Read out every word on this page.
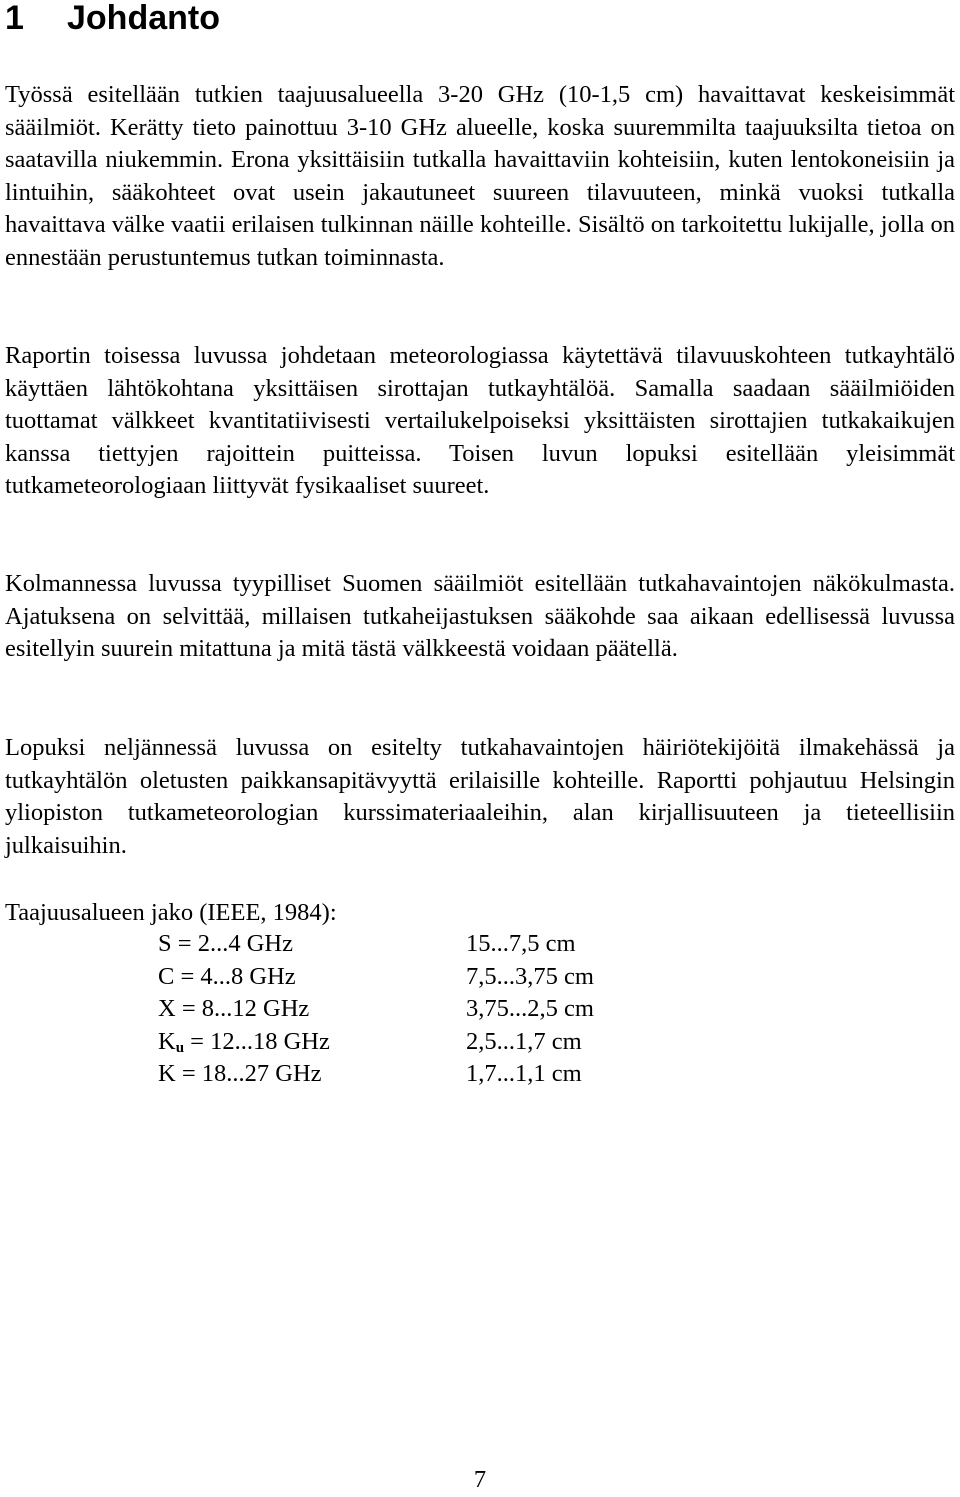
1 Johdanto

Työssä esitellään tutkien taajuusalueella 3-20 GHz (10-1,5 cm) havaittavat keskeisimmät sääilmiöt. Kerätty tieto painottuu 3-10 GHz alueelle, koska suuremmilta taajuuksilta tietoa on saatavilla niukemmin. Erona yksittäisiin tutkalla havaittaviin kohteisiin, kuten lentokoneisiin ja lintuihin, sääkohteet ovat usein jakautuneet suureen tilavuuteen, minkä vuoksi tutkalla havaittava välke vaatii erilaisen tulkinnan näille kohteille. Sisältö on tarkoitettu lukijalle, jolla on ennestään perustuntemus tutkan toiminnasta.

Raportin toisessa luvussa johdetaan meteorologiassa käytettävä tilavuuskohteen tutkayhtälö käyttäen lähtökohtana yksittäisen sirottajan tutkayhtälöä. Samalla saadaan sääilmiöiden tuottamat välkkeet kvantitatiivisesti vertailukelpoiseksi yksittäisten sirottajien tutkakaikujen kanssa tiettyjen rajoittein puitteissa. Toisen luvun lopuksi esitellään yleisimmät tutkameteorologiaan liittyvät fysikaaliset suureet.

Kolmannessa luvussa tyypilliset Suomen sääilmiöt esitellään tutkahavaintojen näkökulmasta. Ajatuksena on selvittää, millaisen tutkaheijastuksen sääkohde saa aikaan edellisessä luvussa esitellyin suurein mitattuna ja mitä tästä välkkeestä voidaan päätellä.

Lopuksi neljännessä luvussa on esitelty tutkahavaintojen häiriötekijöitä ilmakehässä ja tutkayhtälön oletusten paikkansapitävyyttä erilaisille kohteille. Raportti pohjautuu Helsingin yliopiston tutkameteorologian kurssimateriaaleihin, alan kirjallisuuteen ja tieteellisiin julkaisuihin.

Taajuusalueen jako (IEEE, 1984):

S = 2...4 GHz	15...7,5 cm
C = 4...8 GHz	7,5...3,75 cm
X = 8...12 GHz	3,75...2,5 cm
$K_u = 12...18$ GHz	2,5...1,7 cm
K = 18...27 GHz	1,7...1,1 cm
7
